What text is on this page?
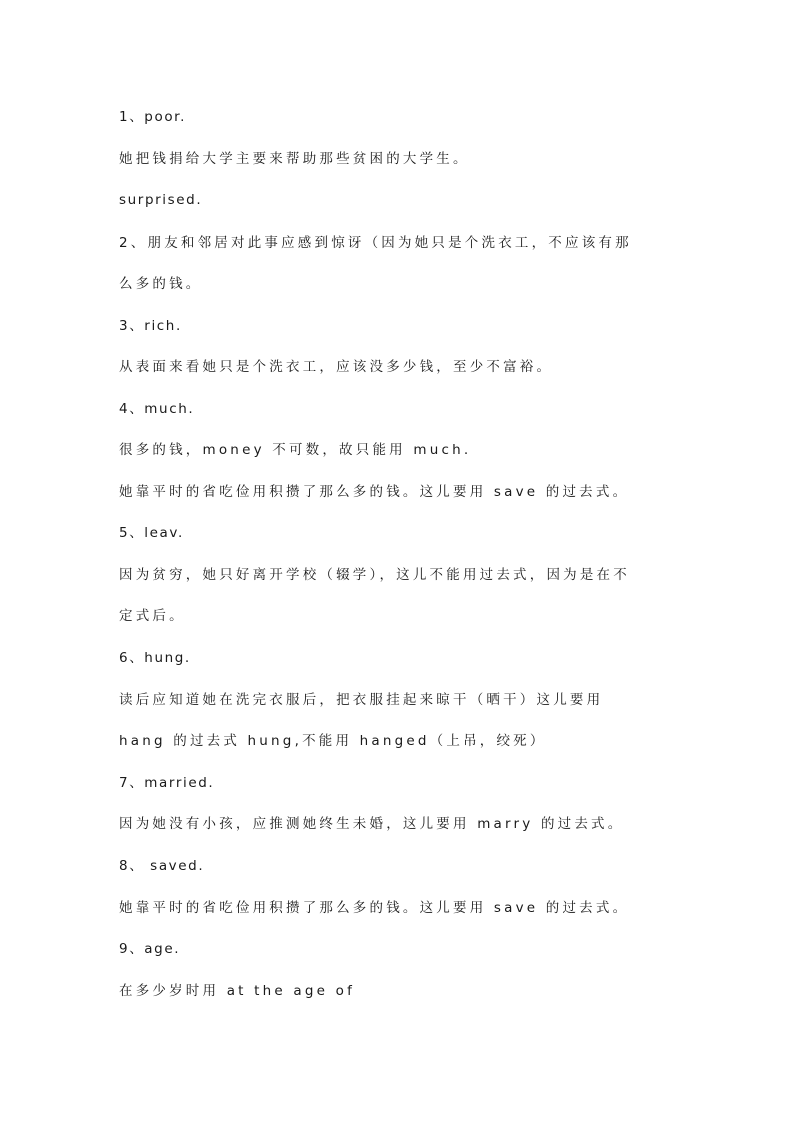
1、poor.
她把钱捐给大学主要来帮助那些贫困的大学生。
surprised.
2、朋友和邻居对此事应感到惊讶（因为她只是个洗衣工，不应该有那
么多的钱。
3、rich.
从表面来看她只是个洗衣工，应该没多少钱，至少不富裕。
4、much.
很多的钱，money 不可数，故只能用 much.
她靠平时的省吃俭用积攒了那么多的钱。这儿要用 save 的过去式。
5、leav.
因为贫穷，她只好离开学校（辍学），这儿不能用过去式，因为是在不
定式后。
6、hung.
读后应知道她在洗完衣服后，把衣服挂起来晾干（晒干）这儿要用
hang 的过去式 hung,不能用 hanged（上吊，绞死）
7、married.
因为她没有小孩，应推测她终生未婚，这儿要用 marry 的过去式。
8、 saved.
她靠平时的省吃俭用积攒了那么多的钱。这儿要用 save 的过去式。
9、age.
在多少岁时用 at the age of
